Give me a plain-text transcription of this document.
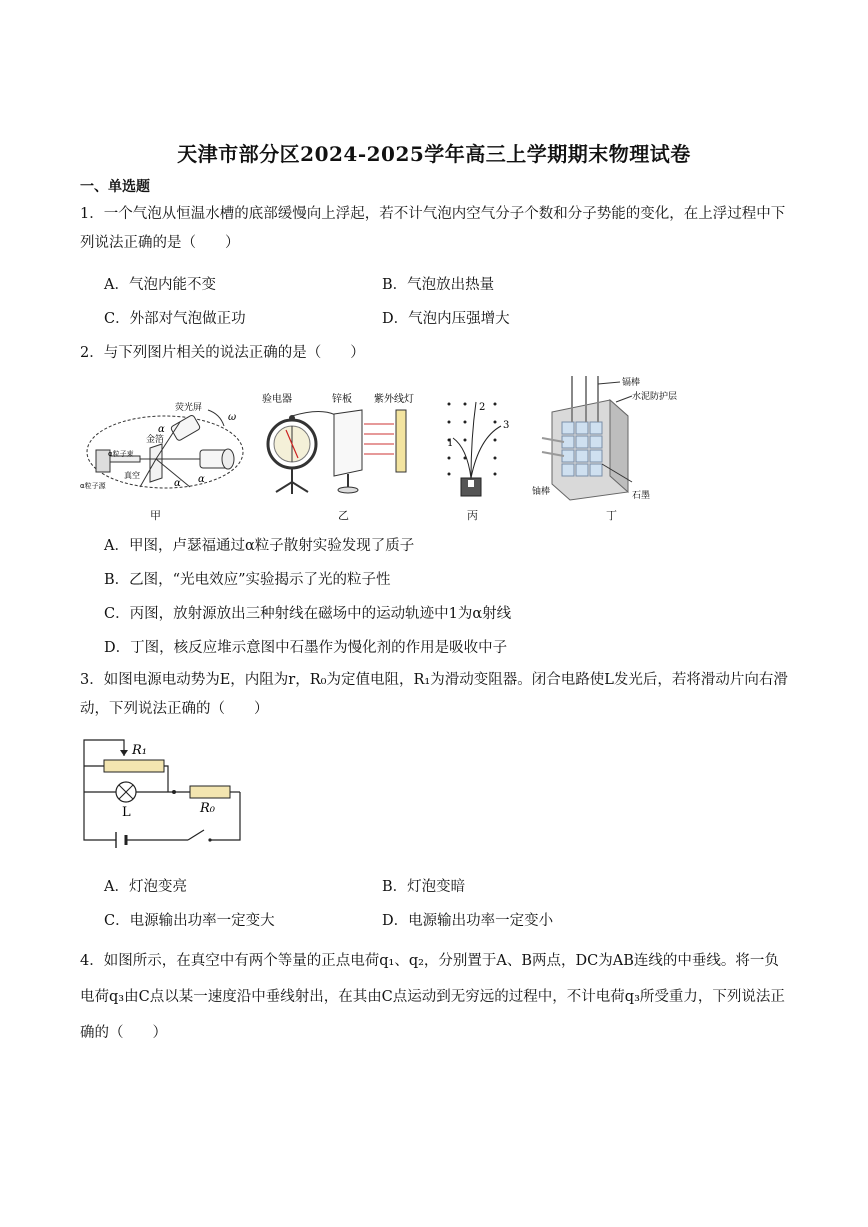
天津市部分区2024-2025学年高三上学期期末物理试卷
一、单选题
1．一个气泡从恒温水槽的底部缓慢向上浮起，若不计气泡内空气分子个数和分子势能的变化，在上浮过程中下列说法正确的是（　　）
A．气泡内能不变	B．气泡放出热量
C．外部对气泡做正功	D．气泡内压强增大
2．与下列图片相关的说法正确的是（　　）
荧光屏
金箔
α粒子束
α粒子源
真空
ω
α
α α
验电器	锌板 紫外线灯
1
2
3
镉棒
水泥防护层
铀棒	石墨
甲	乙	丙	丁
A．甲图，卢瑟福通过α粒子散射实验发现了质子
B．乙图，“光电效应”实验揭示了光的粒子性
C．丙图，放射源放出三种射线在磁场中的运动轨迹中1为α射线
D．丁图，核反应堆示意图中石墨作为慢化剂的作用是吸收中子
3．如图电源电动势为E，内阻为r，R₀为定值电阻，R₁为滑动变阻器。闭合电路使L发光后，若将滑动片向右滑动，下列说法正确的（　　）
R₁
L	R₀
A．灯泡变亮	B．灯泡变暗
C．电源输出功率一定变大	D．电源输出功率一定变小
4．如图所示，在真空中有两个等量的正点电荷q₁、q₂，分别置于A、B两点，DC为AB连线的中垂线。将一负电荷q₃由C点以某一速度沿中垂线射出，在其由C点运动到无穷远的过程中，不计电荷q₃所受重力，下列说法正确的（　　）
